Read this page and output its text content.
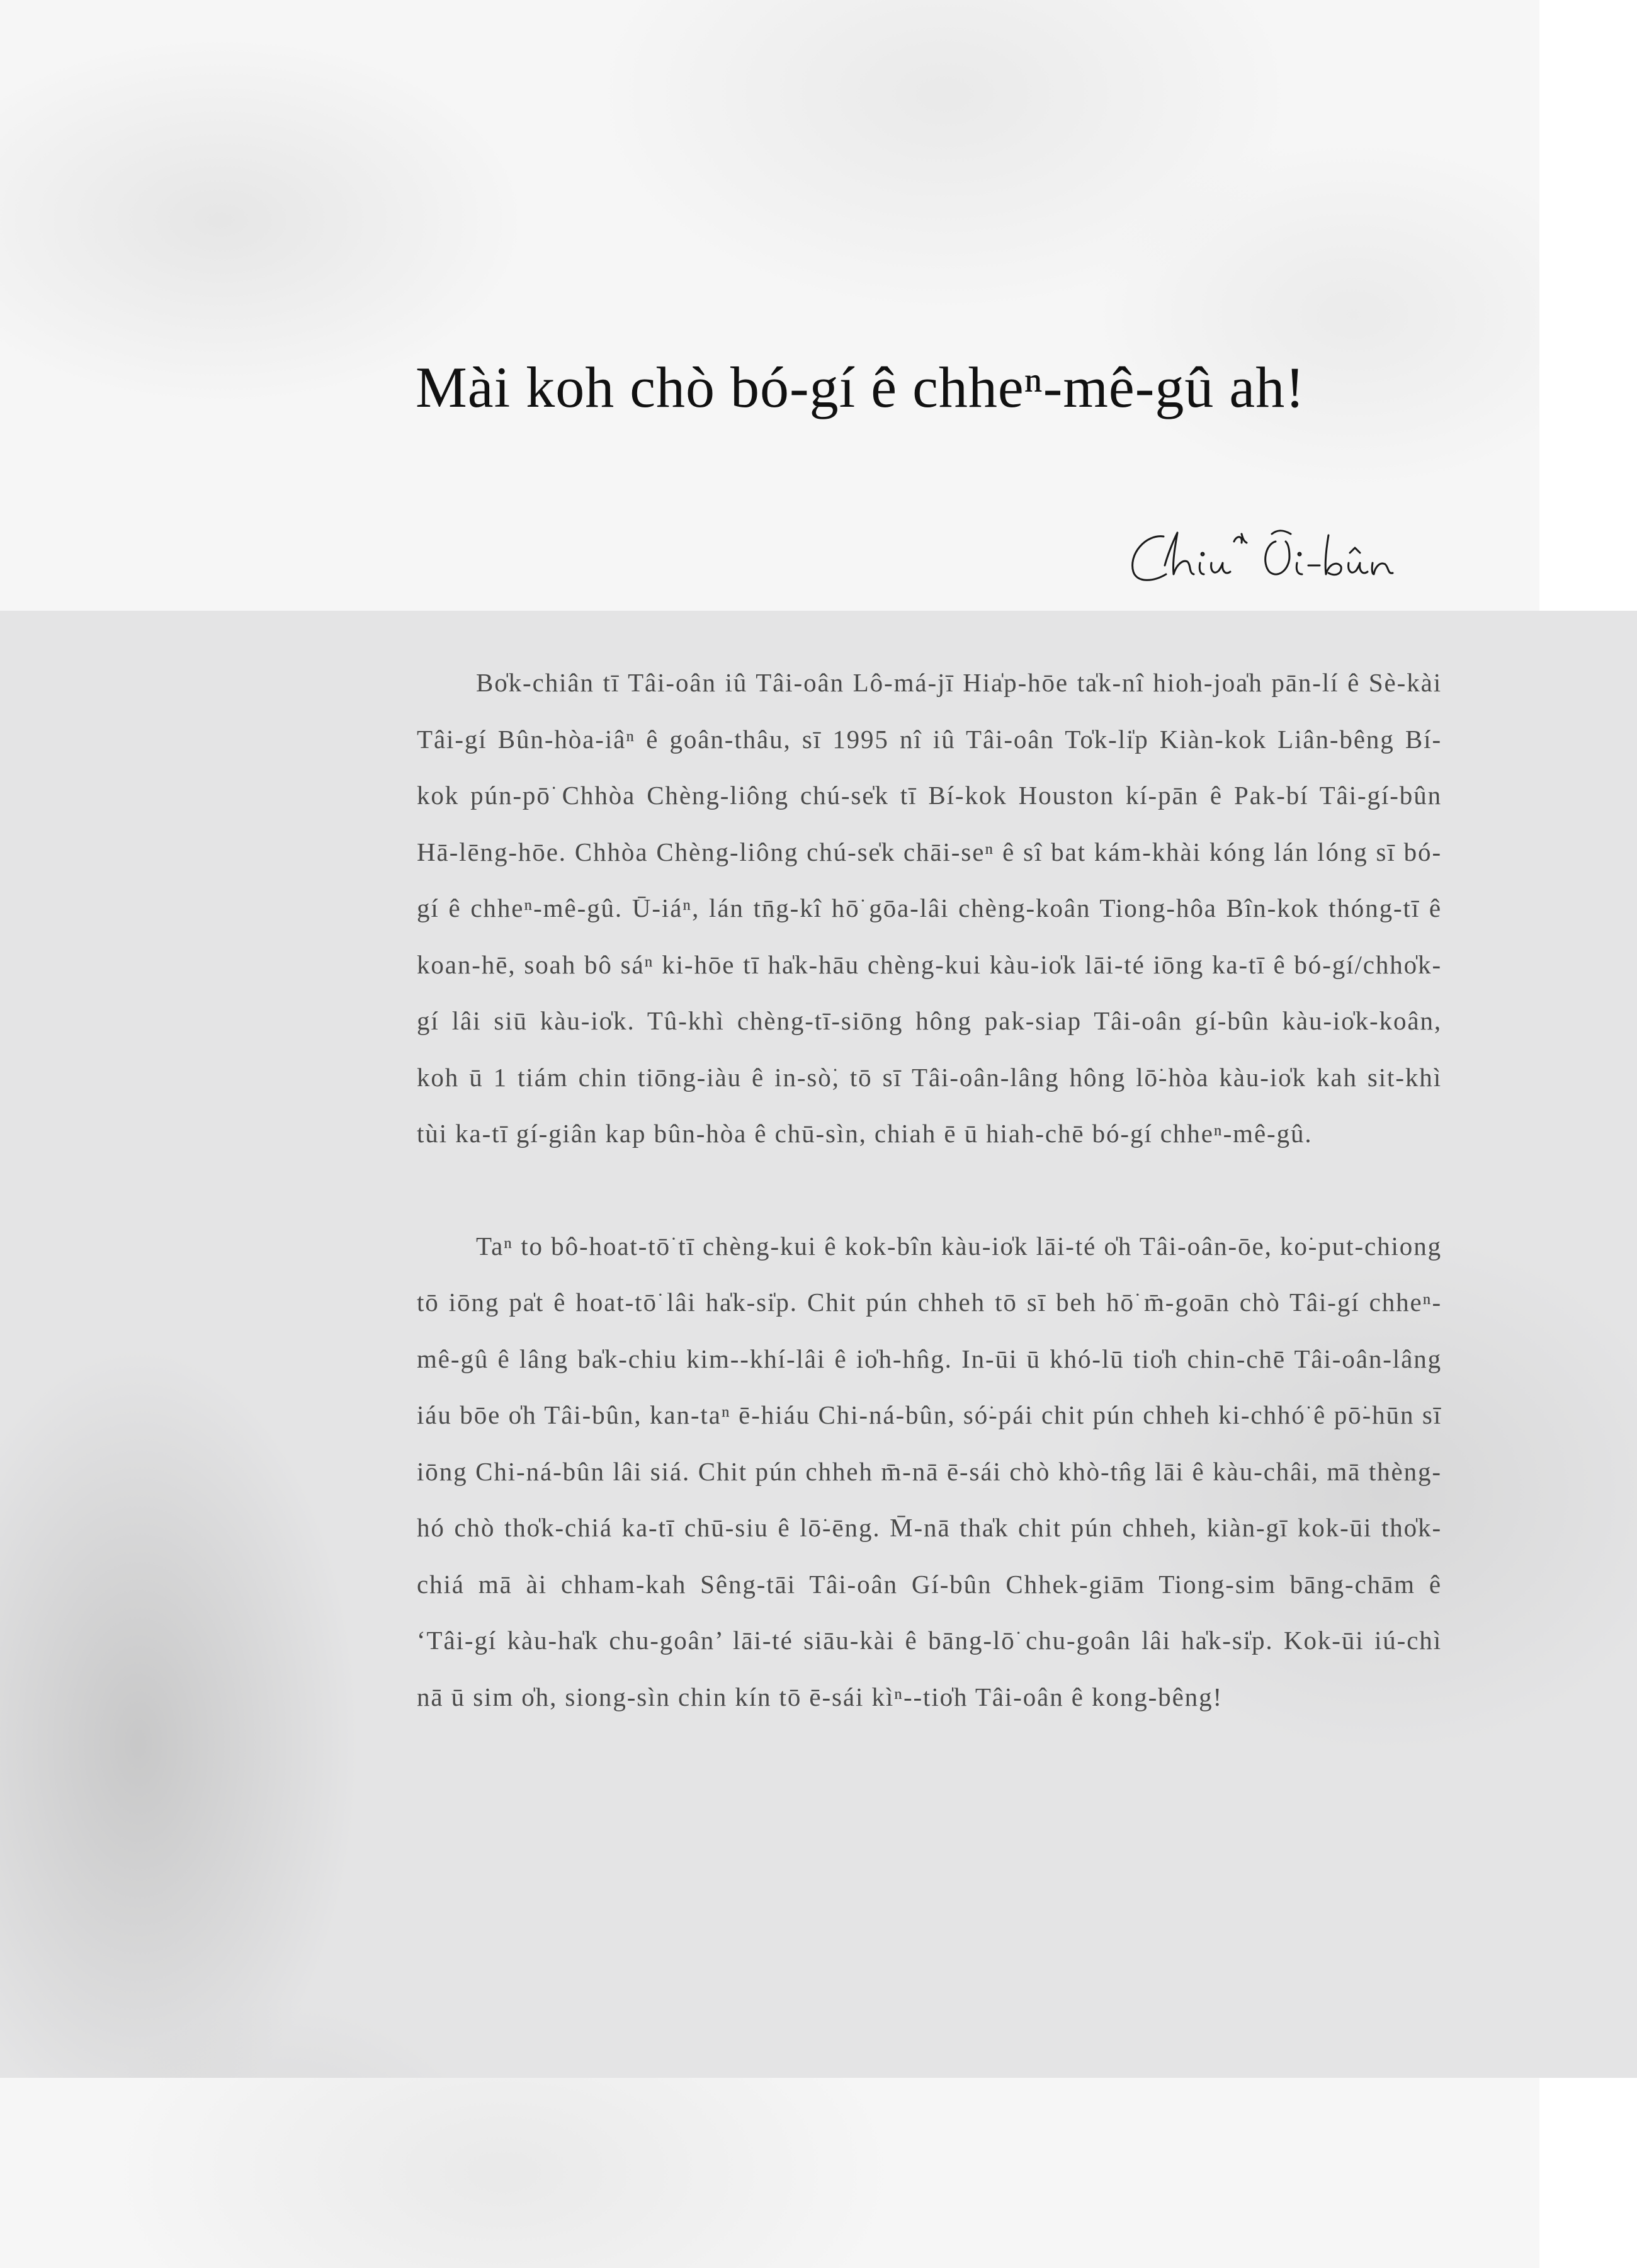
Mài koh chò bó-gí ê chheⁿ-mê-gû ah!

Bo̍k-chiân tī Tâi-oân iû Tâi-oân Lô-má-jī Hia̍p-hōe ta̍k-nî hioh-joa̍h pān-lí ê Sè-kài Tâi-gí Bûn-hòa-iâⁿ ê goân-thâu, sī 1995 nî iû Tâi-oân To̍k-li̍p Kiàn-kok Liân-bêng Bí-kok pún-pō͘ Chhòa Chèng-liông chú-se̍k tī Bí-kok Houston kí-pān ê Pak-bí Tâi-gí-bûn Hā-lēng-hōe. Chhòa Chèng-liông chú-se̍k chāi-seⁿ ê sî bat kám-khài kóng lán lóng sī bó-gí ê chheⁿ-mê-gû. Ū-iáⁿ, lán tn̄g-kî hō͘ gōa-lâi chèng-koân Tiong-hôa Bîn-kok thóng-tī ê koan-hē, soah bô sáⁿ ki-hōe tī ha̍k-hāu chèng-kui kàu-io̍k lāi-té iōng ka-tī ê bó-gí/chho̍k-gí lâi siū kàu-io̍k. Tû-khì chèng-tī-siōng hông pak-siap Tâi-oân gí-bûn kàu-io̍k-koân, koh ū 1 tiám chin tiōng-iàu ê in-sò͘, tō sī Tâi-oân-lâng hông lō͘-hòa kàu-io̍k kah sit-khì tùi ka-tī gí-giân kap bûn-hòa ê chū-sìn, chiah ē ū hiah-chē bó-gí chheⁿ-mê-gû.

Taⁿ to bô-hoat-tō͘ tī chèng-kui ê kok-bîn kàu-io̍k lāi-té o̍h Tâi-oân-ōe, ko͘-put-chiong tō iōng pa̍t ê hoat-tō͘ lâi ha̍k-si̍p. Chit pún chheh tō sī beh hō͘ m̄-goān chò Tâi-gí chheⁿ-mê-gû ê lâng ba̍k-chiu kim--khí-lâi ê io̍h-hn̂g. In-ūi ū khó-lū tio̍h chin-chē Tâi-oân-lâng iáu bōe o̍h Tâi-bûn, kan-taⁿ ē-hiáu Chi-ná-bûn, só͘-pái chit pún chheh ki-chhó͘ ê pō͘-hūn sī iōng Chi-ná-bûn lâi siá. Chit pún chheh m̄-nā ē-sái chò khò-tn̂g lāi ê kàu-châi, mā thèng-hó chò tho̍k-chiá ka-tī chū-siu ê lō͘-ēng. M̄-nā tha̍k chit pún chheh, kiàn-gī kok-ūi tho̍k-chiá mā ài chham-kah Sêng-tāi Tâi-oân Gí-bûn Chhek-giām Tiong-sim bāng-chām ê ‘Tâi-gí kàu-ha̍k chu-goân’ lāi-té siāu-kài ê bāng-lō͘ chu-goân lâi ha̍k-si̍p. Kok-ūi iú-chì nā ū sim o̍h, siong-sìn chin kín tō ē-sái kìⁿ--tio̍h Tâi-oân ê kong-bêng!
